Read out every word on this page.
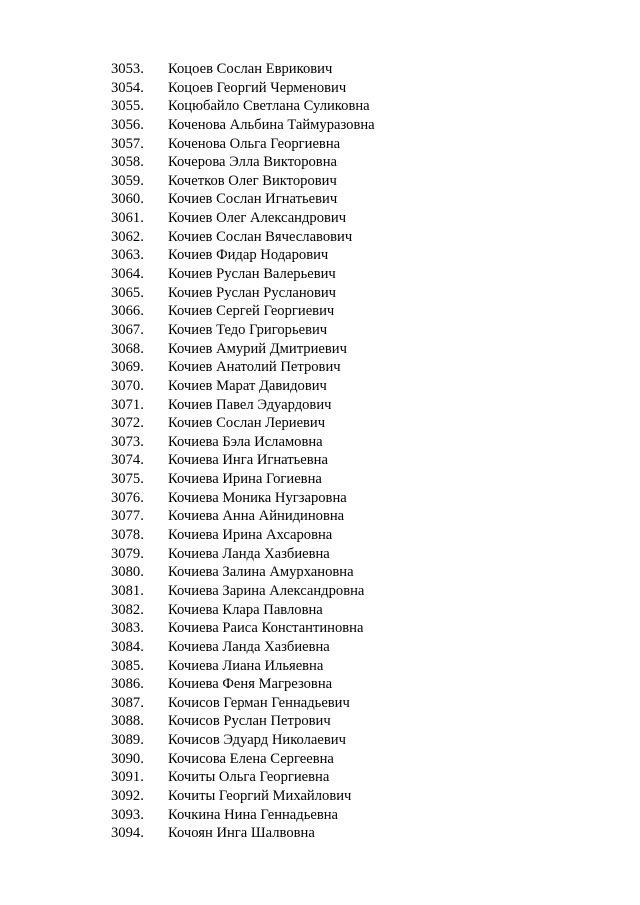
3053.	Коцоев Сослан Еврикович
3054.	Коцоев Георгий Черменович
3055.	Коцюбайло Светлана Суликовна
3056.	Коченова Альбина Таймуразовна
3057.	Коченова Ольга Георгиевна
3058.	Кочерова Элла Викторовна
3059.	Кочетков Олег Викторович
3060.	Кочиев Сослан Игнатьевич
3061.	Кочиев Олег Александрович
3062.	Кочиев Сослан Вячеславович
3063.	Кочиев Фидар Нодарович
3064.	Кочиев Руслан Валерьевич
3065.	Кочиев Руслан Русланович
3066.	Кочиев Сергей Георгиевич
3067.	Кочиев Тедо Григорьевич
3068.	Кочиев Амурий Дмитриевич
3069.	Кочиев Анатолий Петрович
3070.	Кочиев Марат Давидович
3071.	Кочиев Павел Эдуардович
3072.	Кочиев Сослан Лериевич
3073.	Кочиева Бэла Исламовна
3074.	Кочиева Инга Игнатьевна
3075.	Кочиева Ирина Гогиевна
3076.	Кочиева Моника Нугзаровна
3077.	Кочиева Анна Айнидиновна
3078.	Кочиева Ирина Ахсаровна
3079.	Кочиева Ланда Хазбиевна
3080.	Кочиева Залина Амурхановна
3081.	Кочиева Зарина Александровна
3082.	Кочиева Клара Павловна
3083.	Кочиева Раиса Константиновна
3084.	Кочиева Ланда Хазбиевна
3085.	Кочиева Лиана Ильяевна
3086.	Кочиева Феня Магрезовна
3087.	Кочисов Герман Геннадьевич
3088.	Кочисов Руслан Петрович
3089.	Кочисов Эдуард Николаевич
3090.	Кочисова Елена Сергеевна
3091.	Кочиты Ольга Георгиевна
3092.	Кочиты Георгий Михайлович
3093.	Кочкина Нина Геннадьевна
3094.	Кочоян Инга Шалвовна
